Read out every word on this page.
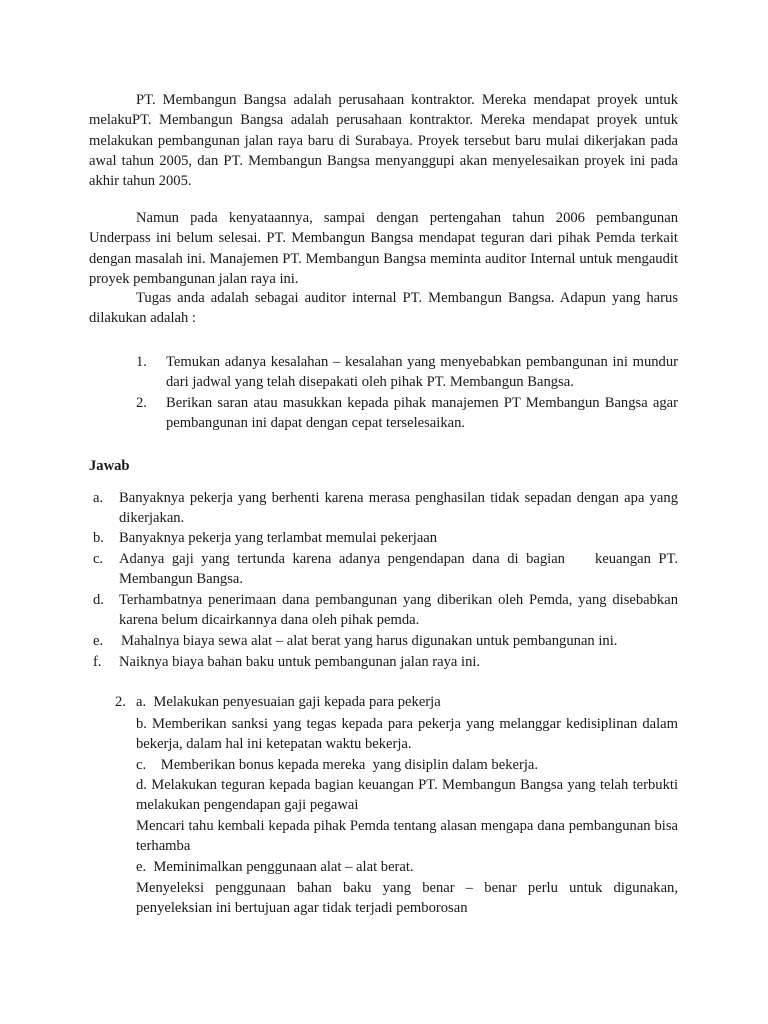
PT. Membangun Bangsa adalah perusahaan kontraktor. Mereka mendapat proyek untuk melakuPT. Membangun Bangsa adalah perusahaan kontraktor. Mereka mendapat proyek untuk melakukan pembangunan jalan raya baru di Surabaya. Proyek tersebut baru mulai dikerjakan pada awal tahun 2005, dan PT. Membangun Bangsa menyanggupi akan menyelesaikan proyek ini pada akhir tahun 2005.
Namun pada kenyataannya, sampai dengan pertengahan tahun 2006 pembangunan Underpass ini belum selesai. PT. Membangun Bangsa mendapat teguran dari pihak Pemda terkait dengan masalah ini. Manajemen PT. Membangun Bangsa meminta auditor Internal untuk mengaudit proyek pembangunan jalan raya ini.
Tugas anda adalah sebagai auditor internal PT. Membangun Bangsa. Adapun yang harus dilakukan adalah :
1. Temukan adanya kesalahan – kesalahan yang menyebabkan pembangunan ini mundur dari jadwal yang telah disepakati oleh pihak PT. Membangun Bangsa.
2. Berikan saran atau masukkan kepada pihak manajemen PT Membangun Bangsa agar pembangunan ini dapat dengan cepat terselesaikan.
Jawab
a. Banyaknya pekerja yang berhenti karena merasa penghasilan tidak sepadan dengan apa yang dikerjakan.
b. Banyaknya pekerja yang terlambat memulai pekerjaan
c. Adanya gaji yang tertunda karena adanya pengendapan dana di bagian    keuangan PT. Membangun Bangsa.
d. Terhambatnya penerimaan dana pembangunan yang diberikan oleh Pemda, yang disebabkan karena belum dicairkannya dana oleh pihak pemda.
e. Mahalnya biaya sewa alat – alat berat yang harus digunakan untuk pembangunan ini.
f. Naiknya biaya bahan baku untuk pembangunan jalan raya ini.
2. a.  Melakukan penyesuaian gaji kepada para pekerja
b. Memberikan sanksi yang tegas kepada para pekerja yang melanggar kedisiplinan dalam bekerja, dalam hal ini ketepatan waktu bekerja.
c.    Memberikan bonus kepada mereka  yang disiplin dalam bekerja.
d. Melakukan teguran kepada bagian keuangan PT. Membangun Bangsa yang telah terbukti melakukan pengendapan gaji pegawai
Mencari tahu kembali kepada pihak Pemda tentang alasan mengapa dana pembangunan bisa  terhamba
e.  Meminimalkan penggunaan alat – alat berat.
Menyeleksi penggunaan bahan baku yang benar – benar perlu untuk digunakan, penyeleksian ini bertujuan agar tidak terjadi pemborosan
